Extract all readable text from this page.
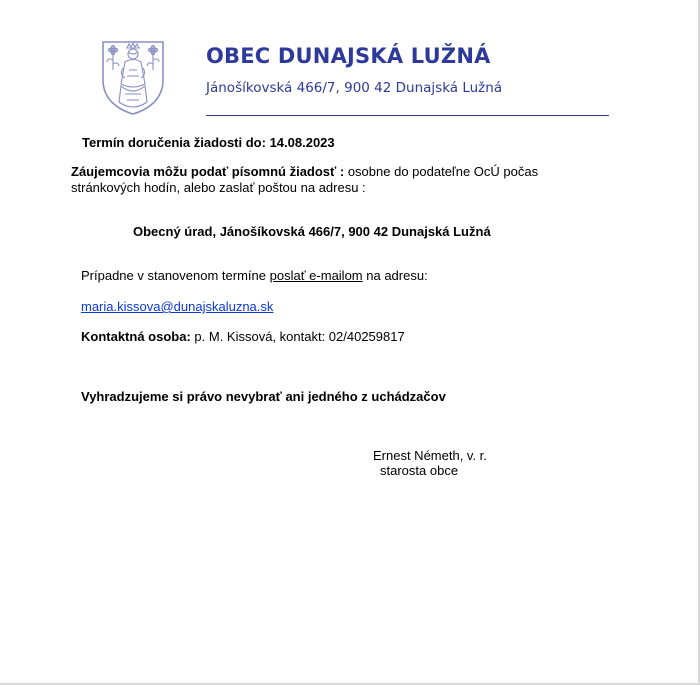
OBEC DUNAJSKÁ LUŽNÁ
Jánošíkovská 466/7, 900 42 Dunajská Lužná
Termín doručenia žiadosti do: 14.08.2023
Záujemcovia môžu podať písomnú žiadosť : osobne do podateľne OcÚ počas
stránkových hodín, alebo zaslať poštou na adresu :
Obecný úrad, Jánošíkovská 466/7, 900 42 Dunajská Lužná
Prípadne v stanovenom termíne poslať e-mailom na adresu:
maria.kissova@dunajskaluzna.sk
Kontaktná osoba: p. M. Kissová, kontakt: 02/40259817
Vyhradzujeme si právo nevybrať ani jedného z uchádzačov
Ernest Németh, v. r.
starosta obce
